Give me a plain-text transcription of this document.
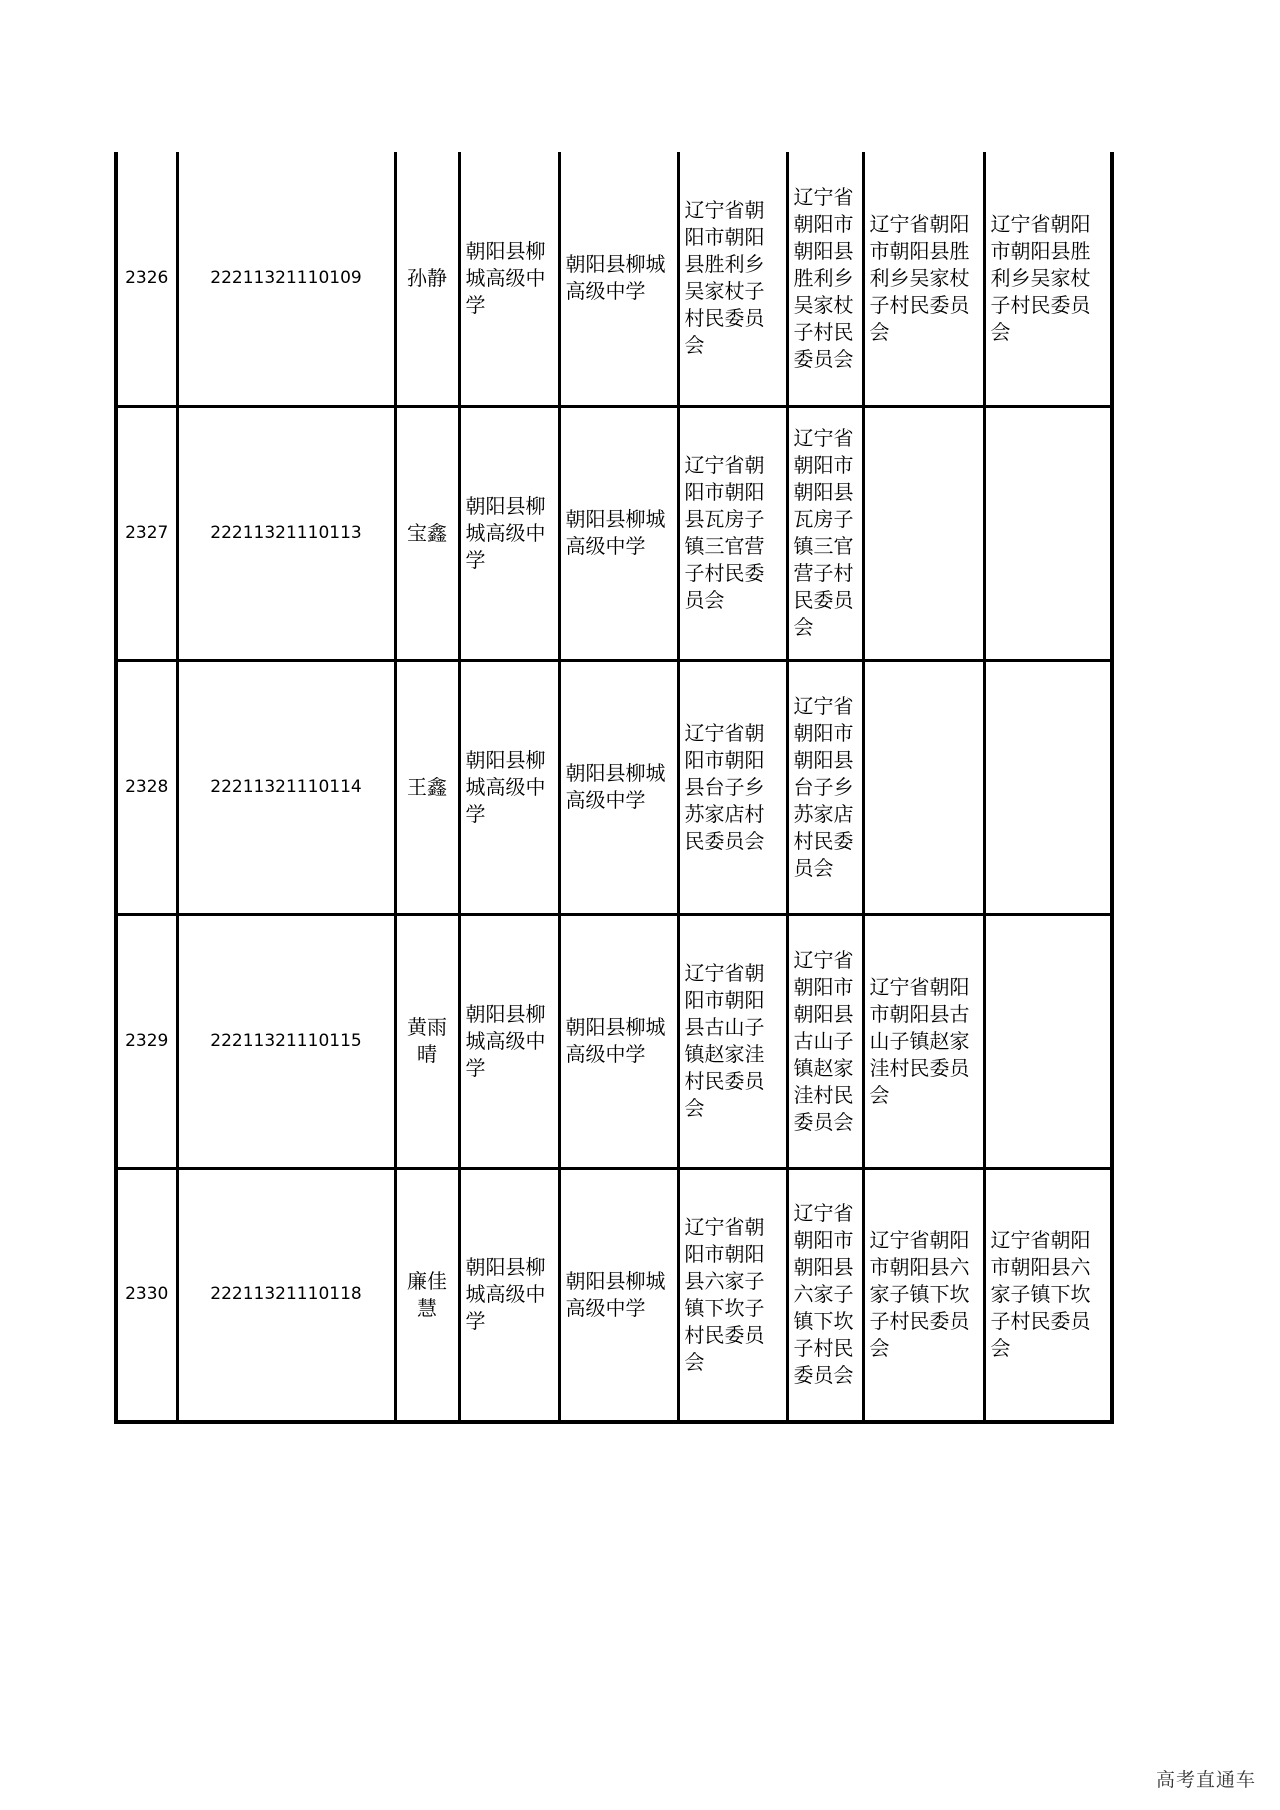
2326	22211321110109	孙静	朝阳县柳城高级中学	朝阳县柳城高级中学	辽宁省朝阳市朝阳县胜利乡吴家杖子村民委员会	辽宁省朝阳市朝阳县胜利乡吴家杖子村民委员会	辽宁省朝阳市朝阳县胜利乡吴家杖子村民委员会	辽宁省朝阳市朝阳县胜利乡吴家杖子村民委员会
2327	22211321110113	宝鑫	朝阳县柳城高级中学	朝阳县柳城高级中学	辽宁省朝阳市朝阳县瓦房子镇三官营子村民委员会	辽宁省朝阳市朝阳县瓦房子镇三官营子村民委员会		
2328	22211321110114	王鑫	朝阳县柳城高级中学	朝阳县柳城高级中学	辽宁省朝阳市朝阳县台子乡苏家店村民委员会	辽宁省朝阳市朝阳县台子乡苏家店村民委员会		
2329	22211321110115	黄雨晴	朝阳县柳城高级中学	朝阳县柳城高级中学	辽宁省朝阳市朝阳县古山子镇赵家洼村民委员会	辽宁省朝阳市朝阳县古山子镇赵家洼村民委员会	辽宁省朝阳市朝阳县古山子镇赵家洼村民委员会	
2330	22211321110118	廉佳慧	朝阳县柳城高级中学	朝阳县柳城高级中学	辽宁省朝阳市朝阳县六家子镇下坎子村民委员会	辽宁省朝阳市朝阳县六家子镇下坎子村民委员会	辽宁省朝阳市朝阳县六家子镇下坎子村民委员会	辽宁省朝阳市朝阳县六家子镇下坎子村民委员会
高考直通车
